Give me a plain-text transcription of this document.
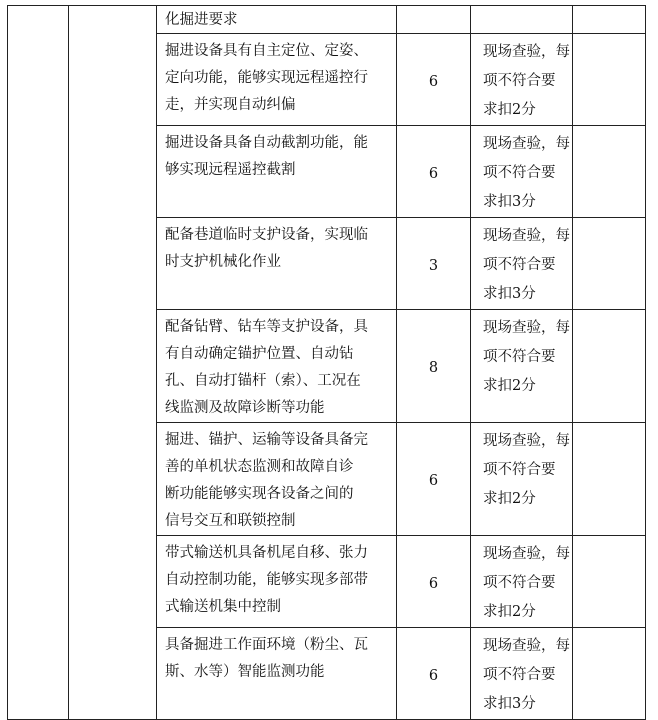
		化掘进要求			

		掘进设备具有自主定位、定姿、
定向功能，能够实现远程遥控行
走，并实现自动纠偏	6	现场查验，每
项不符合要
求扣2分	

		掘进设备具备自动截割功能，能
够实现远程遥控截割	6	现场查验，每
项不符合要
求扣3分	

		配备巷道临时支护设备，实现临
时支护机械化作业	3	现场查验，每
项不符合要
求扣3分	

		配备钻臂、钻车等支护设备，具
有自动确定锚护位置、自动钻
孔、自动打锚杆（索）、工况在
线监测及故障诊断等功能	8	现场查验，每
项不符合要
求扣2分	

		掘进、锚护、运输等设备具备完
善的单机状态监测和故障自诊
断功能能够实现各设备之间的
信号交互和联锁控制	6	现场查验，每
项不符合要
求扣2分	

		带式输送机具备机尾自移、张力
自动控制功能，能够实现多部带
式输送机集中控制	6	现场查验，每
项不符合要
求扣2分	

		具备掘进工作面环境（粉尘、瓦
斯、水等）智能监测功能	6	现场查验，每
项不符合要
求扣3分	
